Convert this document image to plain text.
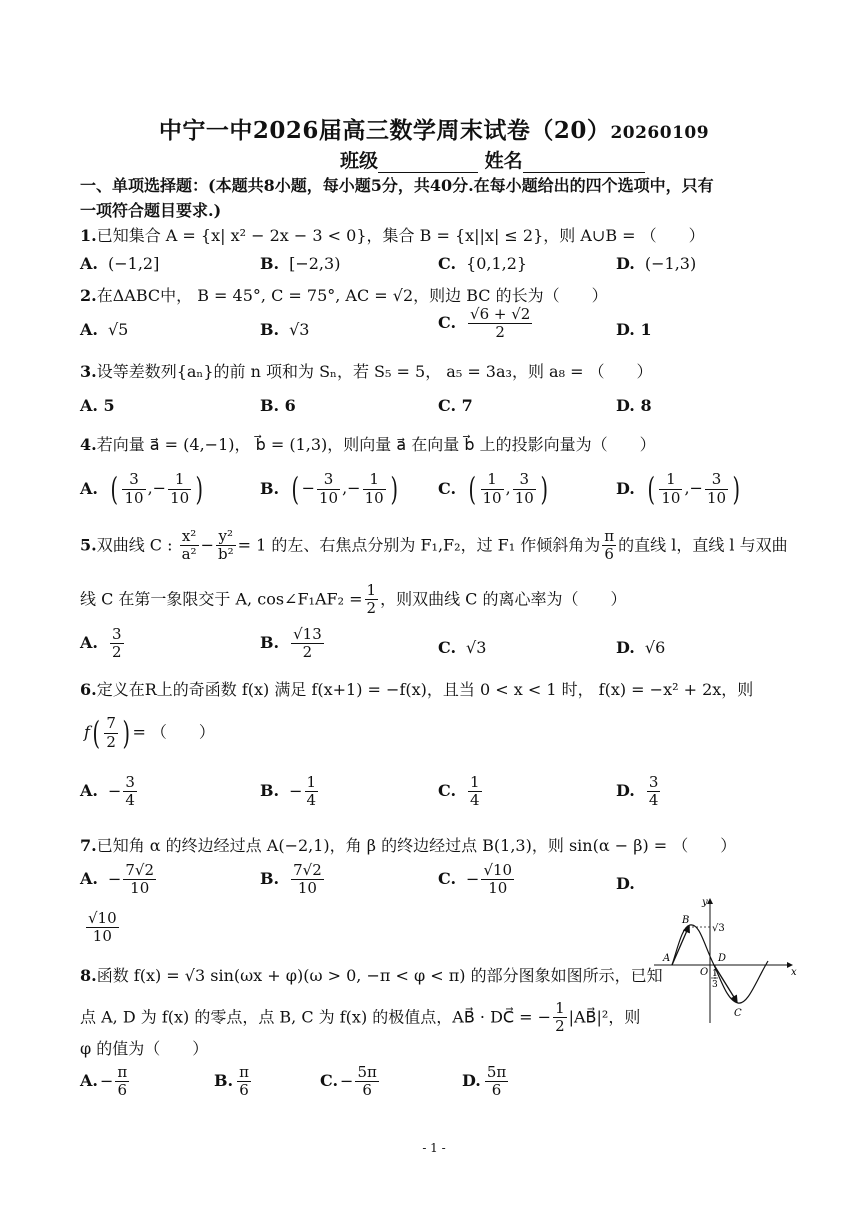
中宁一中2026届高三数学周末试卷（20）20260109
班级	姓名
一、单项选择题：(本题共8小题，每小题5分，共40分.在每小题给出的四个选项中，只有
一项符合题目要求.)
1.已知集合 A = {x| x² − 2x − 3 < 0}，集合 B = {x||x| ≤ 2}，则 A∪B = （　　）
A. (−1,2]	B. [−2,3)	C. {0,1,2}	D. (−1,3)
2.在ΔABC中， B = 45°, C = 75°, AC = √2，则边 BC 的长为（　　）
A. √5	B. √3	C. $\frac{√6 + √2}{2}$	D. 1
3.设等差数列{aₙ}的前 n 项和为 Sₙ，若 S₅ = 5， a₅ = 3a₃，则 a₈ = （　　）
A. 5	B. 6	C. 7	D. 8
4.若向量 a⃗ = (4,−1)， b⃗ = (1,3)，则向量 a⃗ 在向量 b⃗ 上的投影向量为（　　）
A. ( $\frac{3}{10}$ ,− $\frac{1}{10}$ )	B. ( − $\frac{3}{10}$ ,− $\frac{1}{10}$ )	C. ( $\frac{1}{10}$ , $\frac{3}{10}$ )	D. ( $\frac{1}{10}$ ,− $\frac{3}{10}$ )
5.双曲线 C : $\frac{\text{x²}}{\text{a²}} - \frac{\text{y²}}{\text{b²}} = 1$ 的左、右焦点分别为 F₁,F₂，过 F₁ 作倾斜角为 $\frac{\pi}{6}$ 的直线 l，直线 l 与双曲
线 C 在第一象限交于 A, cos∠F₁AF₂ = $\frac{1}{2}$ ，则双曲线 C 的离心率为（　　）
A. $\frac{3}{2}$	B. $\frac{√13}{2}$	C. √3	D. √6
6.定义在R上的奇函数 f(x) 满足 f(x+1) = −f(x)，且当 0 < x < 1 时， f(x) = −x² + 2x，则
$f( \frac{7}{2}$ ) = （　　）
A. − $\frac{3}{4}$	B. − $\frac{1}{4}$	C. $\frac{1}{4}$	D. $\frac{3}{4}$
7.已知角 α 的终边经过点 A(−2,1)，角 β 的终边经过点 B(1,3)，则 sin(α − β) = （　　）
A. − $\frac{7√2}{10}$	B. $\frac{7√2}{10}$	C. − $\frac{√10}{10}$	D.
$\frac{√10}{10}$
8.函数 f(x) = √3 sin(ωx + φ)(ω > 0, −π < φ < π) 的部分图象如图所示，已知
点 A, D 为 f(x) 的零点，点 B, C 为 f(x) 的极值点，AB⃗ · DC⃗ = − $\frac{1}{2}$ |AB⃗|²，则
φ 的值为（　　）
A. − $\frac{\pi}{6}$	B. $\frac{\pi}{6}$	C. − $\frac{5\pi}{6}$	D. $\frac{5\pi}{6}$
x
y
A
B
C
D
O
√3
1
3
- 1 -
